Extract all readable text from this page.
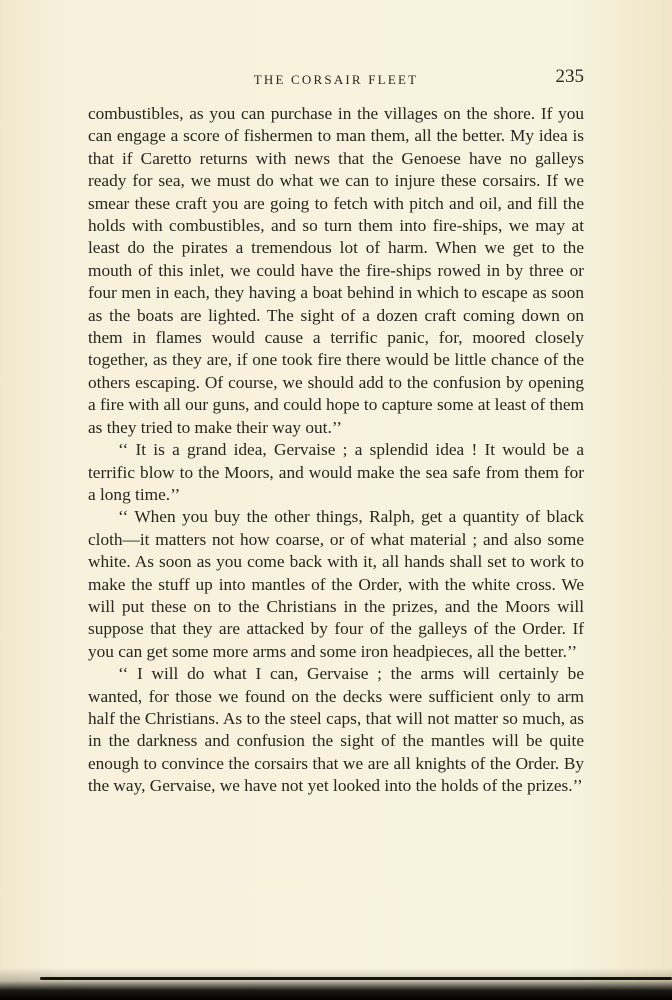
THE CORSAIR FLEET	235

combustibles, as you can purchase in the villages on the shore. If you can engage a score of fishermen to man them, all the better. My idea is that if Caretto returns with news that the Genoese have no galleys ready for sea, we must do what we can to injure these corsairs. If we smear these craft you are going to fetch with pitch and oil, and fill the holds with combustibles, and so turn them into fire-ships, we may at least do the pirates a tremendous lot of harm. When we get to the mouth of this inlet, we could have the fire-ships rowed in by three or four men in each, they having a boat behind in which to escape as soon as the boats are lighted. The sight of a dozen craft coming down on them in flames would cause a terrific panic, for, moored closely together, as they are, if one took fire there would be little chance of the others escaping. Of course, we should add to the confusion by opening a fire with all our guns, and could hope to capture some at least of them as they tried to make their way out.’’

‘‘ It is a grand idea, Gervaise ; a splendid idea ! It would be a terrific blow to the Moors, and would make the sea safe from them for a long time.’’

‘‘ When you buy the other things, Ralph, get a quantity of black cloth—it matters not how coarse, or of what material ; and also some white. As soon as you come back with it, all hands shall set to work to make the stuff up into mantles of the Order, with the white cross. We will put these on to the Christians in the prizes, and the Moors will suppose that they are attacked by four of the galleys of the Order. If you can get some more arms and some iron headpieces, all the better.’’

‘‘ I will do what I can, Gervaise ; the arms will certainly be wanted, for those we found on the decks were sufficient only to arm half the Christians. As to the steel caps, that will not matter so much, as in the darkness and confusion the sight of the mantles will be quite enough to convince the corsairs that we are all knights of the Order. By the way, Gervaise, we have not yet looked into the holds of the prizes.’’
